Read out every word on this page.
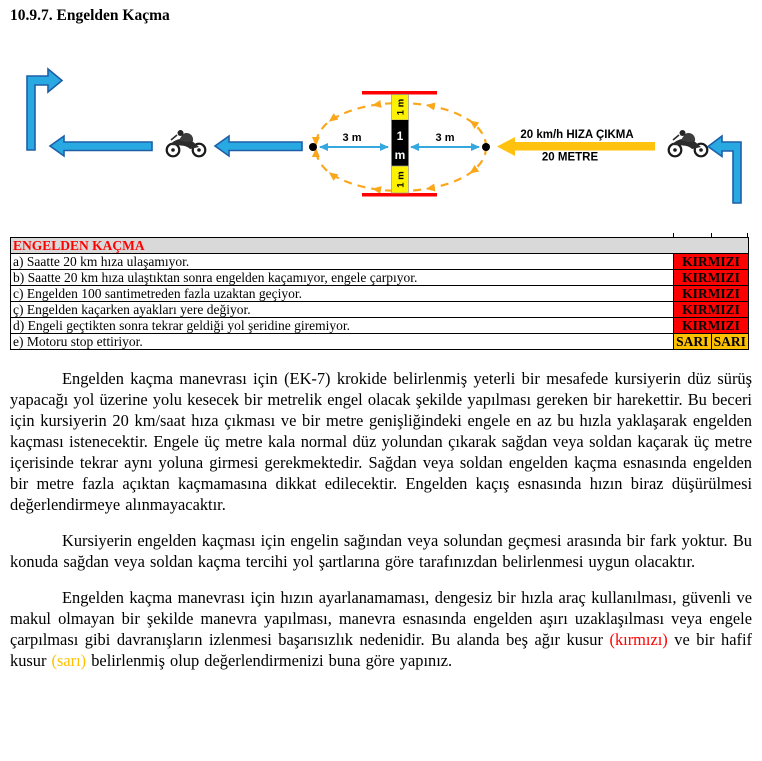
10.9.7. Engelden Kaçma
3 m	3 m
1 m
1
m
1 m
20 km/h HIZA ÇIKMA
20 METRE
ENGELDEN KAÇMA		
a) Saatte 20 km hıza ulaşamıyor.	KIRMIZI	
b) Saatte 20 km hıza ulaştıktan sonra engelden kaçamıyor, engele çarpıyor.	KIRMIZI	
c) Engelden 100 santimetreden fazla uzaktan geçiyor.	KIRMIZI	
ç) Engelden kaçarken ayakları yere değiyor.	KIRMIZI	
d) Engeli geçtikten sonra tekrar geldiği yol şeridine giremiyor.	KIRMIZI	
e) Motoru stop ettiriyor.	SARI	SARI

Engelden kaçma manevrası için (EK-7) krokide belirlenmiş yeterli bir mesafede kursiyerin düz sürüş yapacağı yol üzerine yolu kesecek bir metrelik engel olacak şekilde yapılması gereken bir harekettir. Bu beceri için kursiyerin 20 km/saat hıza çıkması ve bir metre genişliğindeki engele en az bu hızla yaklaşarak engelden kaçması istenecektir. Engele üç metre kala normal düz yolundan çıkarak sağdan veya soldan kaçarak üç metre içerisinde tekrar aynı yoluna girmesi gerekmektedir. Sağdan veya soldan engelden kaçma esnasında engelden bir metre fazla açıktan kaçmamasına dikkat edilecektir. Engelden kaçış esnasında hızın biraz düşürülmesi değerlendirmeye alınmayacaktır.

Kursiyerin engelden kaçması için engelin sağından veya solundan geçmesi arasında bir fark yoktur. Bu konuda sağdan veya soldan kaçma tercihi yol şartlarına göre tarafınızdan belirlenmesi uygun olacaktır.

Engelden kaçma manevrası için hızın ayarlanamaması, dengesiz bir hızla araç kullanılması, güvenli ve makul olmayan bir şekilde manevra yapılması, manevra esnasında engelden aşırı uzaklaşılması veya engele çarpılması gibi davranışların izlenmesi başarısızlık nedenidir. Bu alanda beş ağır kusur (kırmızı) ve bir hafif kusur (sarı) belirlenmiş olup değerlendirmenizi buna göre yapınız.
